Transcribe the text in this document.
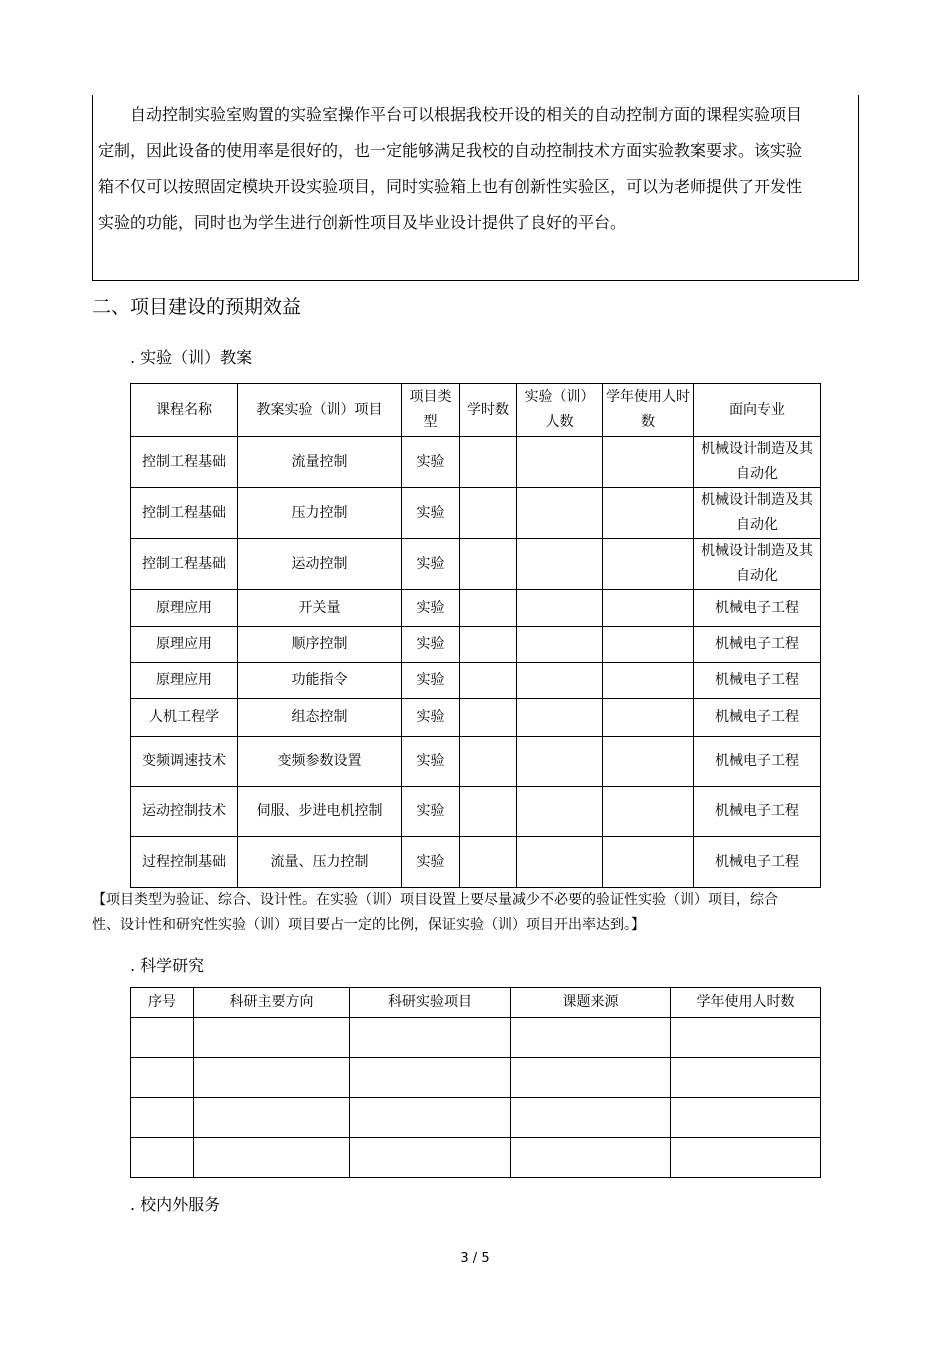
自动控制实验室购置的实验室操作平台可以根据我校开设的相关的自动控制方面的课程实验项目定制，因此设备的使用率是很好的，也一定能够满足我校的自动控制技术方面实验教案要求。该实验箱不仅可以按照固定模块开设实验项目，同时实验箱上也有创新性实验区，可以为老师提供了开发性实验的功能，同时也为学生进行创新性项目及毕业设计提供了良好的平台。
二、项目建设的预期效益
. 实验（训）教案
课程名称	教案实验（训）项目	项目类型	学时数	实验（训）人数	学年使用人时数	面向专业
控制工程基础	流量控制	实验				机械设计制造及其自动化
控制工程基础	压力控制	实验				机械设计制造及其自动化
控制工程基础	运动控制	实验				机械设计制造及其自动化
原理应用	开关量	实验				机械电子工程
原理应用	顺序控制	实验				机械电子工程
原理应用	功能指令	实验				机械电子工程
人机工程学	组态控制	实验				机械电子工程
变频调速技术	变频参数设置	实验				机械电子工程
运动控制技术	伺服、步进电机控制	实验				机械电子工程
过程控制基础	流量、压力控制	实验				机械电子工程
【项目类型为验证、综合、设计性。在实验（训）项目设置上要尽量减少不必要的验证性实验（训）项目，综合性、设计性和研究性实验（训）项目要占一定的比例，保证实验（训）项目开出率达到。】
. 科学研究
序号	科研主要方向	科研实验项目	课题来源	学年使用人时数

. 校内外服务
3 / 5
